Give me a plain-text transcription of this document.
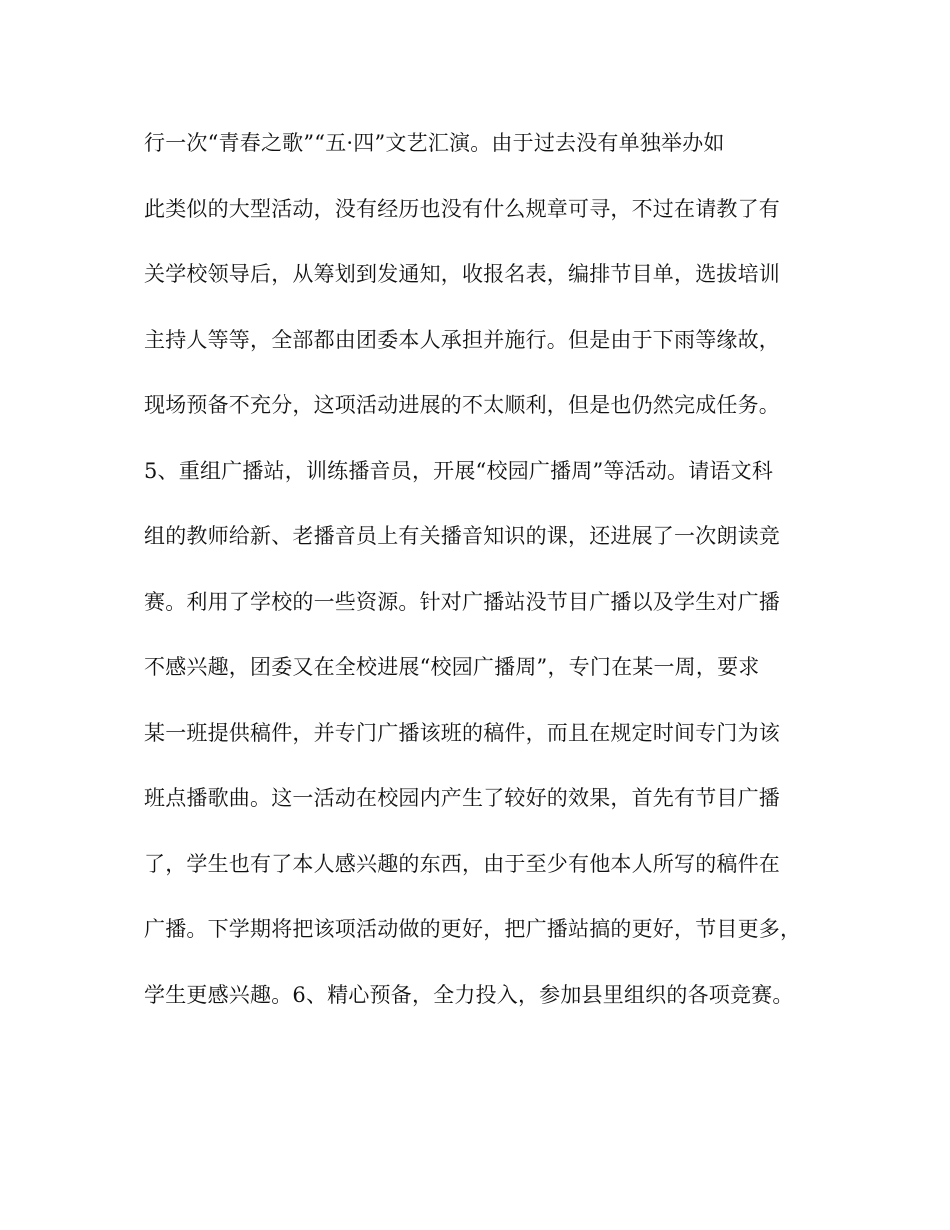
行一次“青春之歌”“五·四”文艺汇演。由于过去没有单独举办如
此类似的大型活动，没有经历也没有什么规章可寻，不过在请教了有
关学校领导后，从筹划到发通知，收报名表，编排节目单，选拔培训
主持人等等，全部都由团委本人承担并施行。但是由于下雨等缘故，
现场预备不充分，这项活动进展的不太顺利，但是也仍然完成任务。
5、重组广播站，训练播音员，开展“校园广播周”等活动。请语文科
组的教师给新、老播音员上有关播音知识的课，还进展了一次朗读竞
赛。利用了学校的一些资源。针对广播站没节目广播以及学生对广播
不感兴趣，团委又在全校进展“校园广播周”，专门在某一周，要求
某一班提供稿件，并专门广播该班的稿件，而且在规定时间专门为该
班点播歌曲。这一活动在校园内产生了较好的效果，首先有节目广播
了，学生也有了本人感兴趣的东西，由于至少有他本人所写的稿件在
广播。下学期将把该项活动做的更好，把广播站搞的更好，节目更多，
学生更感兴趣。6、精心预备，全力投入，参加县里组织的各项竞赛。
